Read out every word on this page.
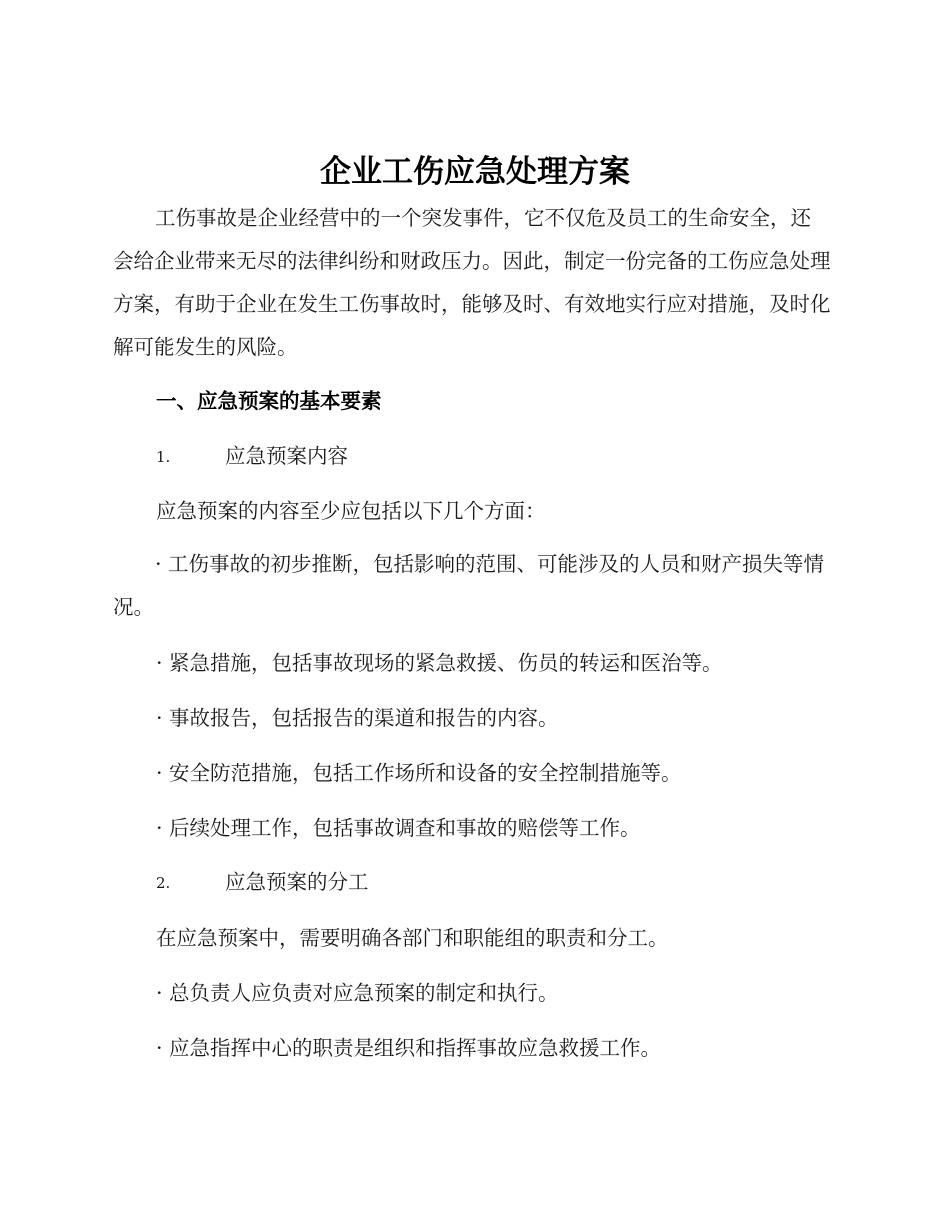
企业工伤应急处理方案

工伤事故是企业经营中的一个突发事件，它不仅危及员工的生命安全，还会给企业带来无尽的法律纠纷和财政压力。因此，制定一份完备的工伤应急处理方案，有助于企业在发生工伤事故时，能够及时、有效地实行应对措施，及时化解可能发生的风险。

一、应急预案的基本要素
1.	应急预案内容
应急预案的内容至少应包括以下几个方面：

· 工伤事故的初步推断，包括影响的范围、可能涉及的人员和财产损失等情况。

· 紧急措施，包括事故现场的紧急救援、伤员的转运和医治等。
· 事故报告，包括报告的渠道和报告的内容。
· 安全防范措施，包括工作场所和设备的安全控制措施等。
· 后续处理工作，包括事故调查和事故的赔偿等工作。
2.	应急预案的分工
在应急预案中，需要明确各部门和职能组的职责和分工。
· 总负责人应负责对应急预案的制定和执行。
· 应急指挥中心的职责是组织和指挥事故应急救援工作。
